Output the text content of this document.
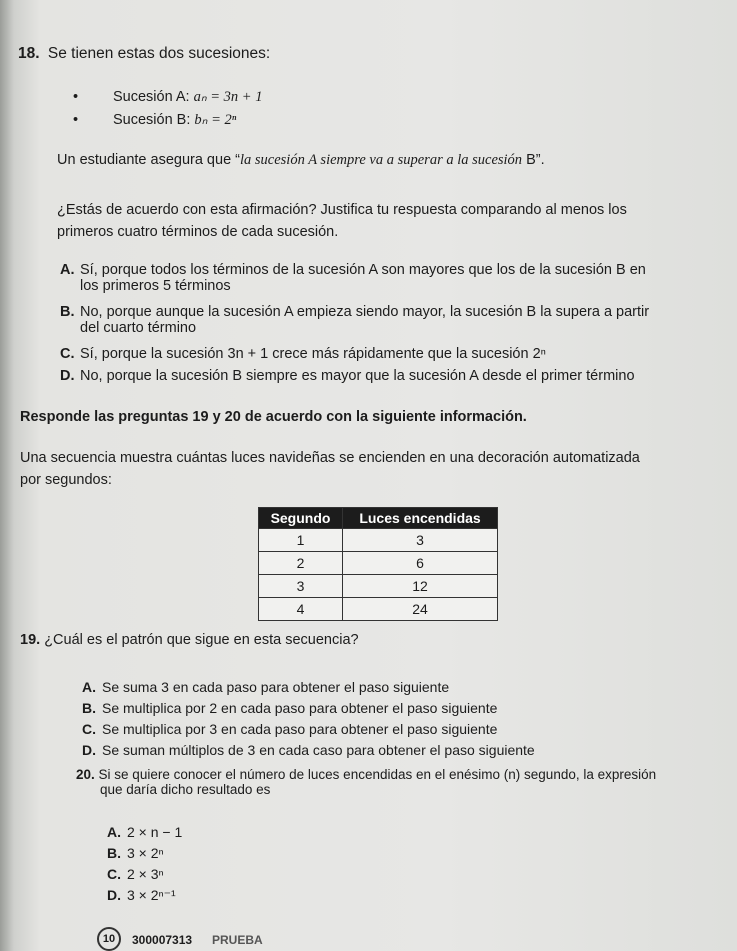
18. Se tienen estas dos sucesiones:
• Sucesión A: aₙ = 3n + 1
• Sucesión B: bₙ = 2ⁿ
Un estudiante asegura que “la sucesión A siempre va a superar a la sucesión B”.
¿Estás de acuerdo con esta afirmación? Justifica tu respuesta comparando al menos los
primeros cuatro términos de cada sucesión.
A. Sí, porque todos los términos de la sucesión A son mayores que los de la sucesión B en
los primeros 5 términos
B. No, porque aunque la sucesión A empieza siendo mayor, la sucesión B la supera a partir
del cuarto término
C. Sí, porque la sucesión 3n + 1 crece más rápidamente que la sucesión 2ⁿ
D. No, porque la sucesión B siempre es mayor que la sucesión A desde el primer término
Responde las preguntas 19 y 20 de acuerdo con la siguiente información.
Una secuencia muestra cuántas luces navideñas se encienden en una decoración automatizada
por segundos:
Segundo	Luces encendidas
1	3
2	6
3	12
4	24
19. ¿Cuál es el patrón que sigue en esta secuencia?
A. Se suma 3 en cada paso para obtener el paso siguiente
B. Se multiplica por 2 en cada paso para obtener el paso siguiente
C. Se multiplica por 3 en cada paso para obtener el paso siguiente
D. Se suman múltiplos de 3 en cada caso para obtener el paso siguiente
20. Si se quiere conocer el número de luces encendidas en el enésimo (n) segundo, la expresión
que daría dicho resultado es
A. 2 × n − 1
B. 3 × 2ⁿ
C. 2 × 3ⁿ
D. 3 × 2ⁿ⁻¹
10	300007313 PRUEBA
